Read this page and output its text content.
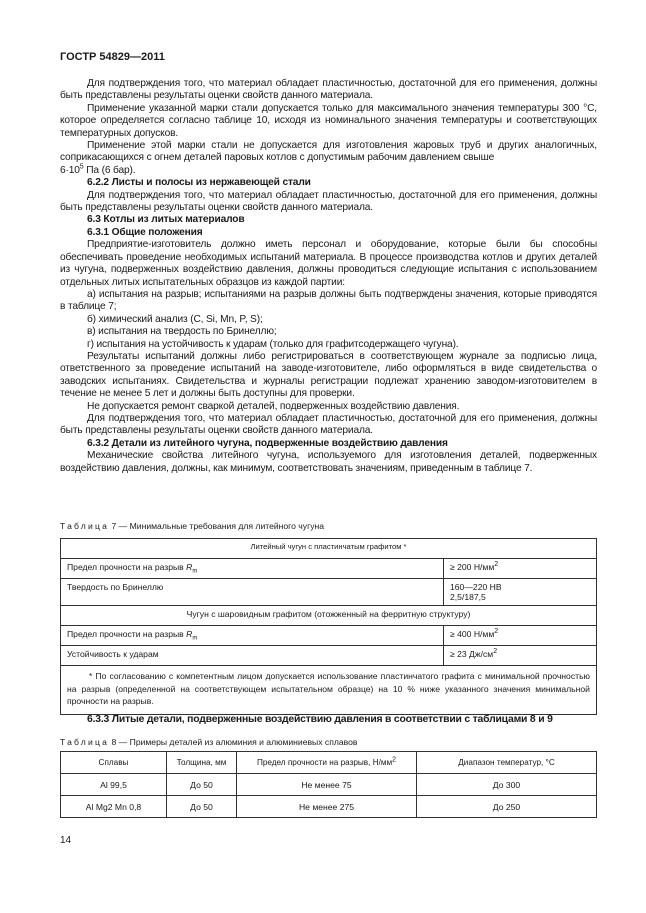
ГОСТР 54829—2011

Для подтверждения того, что материал обладает пластичностью, достаточной для его применения, должны быть представлены результаты оценки свойств данного материала.

Применение указанной марки стали допускается только для максимального значения температуры 300 °С, которое определяется согласно таблице 10, исходя из номинального значения температуры и соответствующих температурных допусков.

Применение этой марки стали не допускается для изготовления жаровых труб и других аналогичных, соприкасающихся с огнем деталей паровых котлов с допустимым рабочим давлением свыше
$6\cdot 10^5$ Па (6 бар).

6.2.2 Листы и полосы из нержавеющей стали

Для подтверждения того, что материал обладает пластичностью, достаточной для его применения, должны быть представлены результаты оценки свойств данного материала.

6.3 Котлы из литых материалов

6.3.1 Общие положения

Предприятие-изготовитель должно иметь персонал и оборудование, которые были бы способны обеспечивать проведение необходимых испытаний материала. В процессе производства котлов и других деталей из чугуна, подверженных воздействию давления, должны проводиться следующие испытания с использованием отдельных литых испытательных образцов из каждой партии:

а) испытания на разрыв; испытаниями на разрыв должны быть подтверждены значения, которые приводятся в таблице 7;

б) химический анализ (C, Si, Mn, P, S);

в) испытания на твердость по Бринеллю;

г) испытания на устойчивость к ударам (только для графитсодержащего чугуна).

Результаты испытаний должны либо регистрироваться в соответствующем журнале за подписью лица, ответственного за проведение испытаний на заводе-изготовителе, либо оформляться в виде свидетельства о заводских испытаниях. Свидетельства и журналы регистрации подлежат хранению заводом-изготовителем в течение не менее 5 лет и должны быть доступны для проверки.

Не допускается ремонт сваркой деталей, подверженных воздействию давления.

Для подтверждения того, что материал обладает пластичностью, достаточной для его применения, должны быть представлены результаты оценки свойств данного материала.

6.3.2 Детали из литейного чугуна, подверженные воздействию давления

Механические свойства литейного чугуна, используемого для изготовления деталей, подверженных воздействию давления, должны, как минимум, соответствовать значениям, приведенным в таблице 7.

Таблица 7 — Минимальные требования для литейного чугуна
Литейный чугун с пластинчатым графитом *	
Предел прочности на разрыв $R_m$	≥ 200 $Н/мм^2$
Твердость по Бринеллю	160—220 НВ
2,5/187,5
Чугун с шаровидным графитом (отожженный на ферритную структуру)	
Предел прочности на разрыв $R_m$	≥ 400 $Н/мм^2$
Устойчивость к ударам	≥ 23 $Дж/см^2$

* По согласованию с компетентным лицом допускается использование пластинчатого графита с минимальной прочностью на разрыв (определенной на соответствующем испытательном образце) на 10 % ниже указанного значения минимальной прочности на разрыв.	
6.3.3 Литые детали, подверженные воздействию давления в соответствии с таблицами 8 и 9
Таблица 8 — Примеры деталей из алюминия и алюминиевых сплавов
Сплавы	Толщина, мм	Предел прочности на разрыв, $Н/мм^2$	Диапазон температур, °С
Al 99,5	До 50	Не менее 75	До 300
Al Mg2 Mn 0,8	До 50	Не менее 275	До 250
14
